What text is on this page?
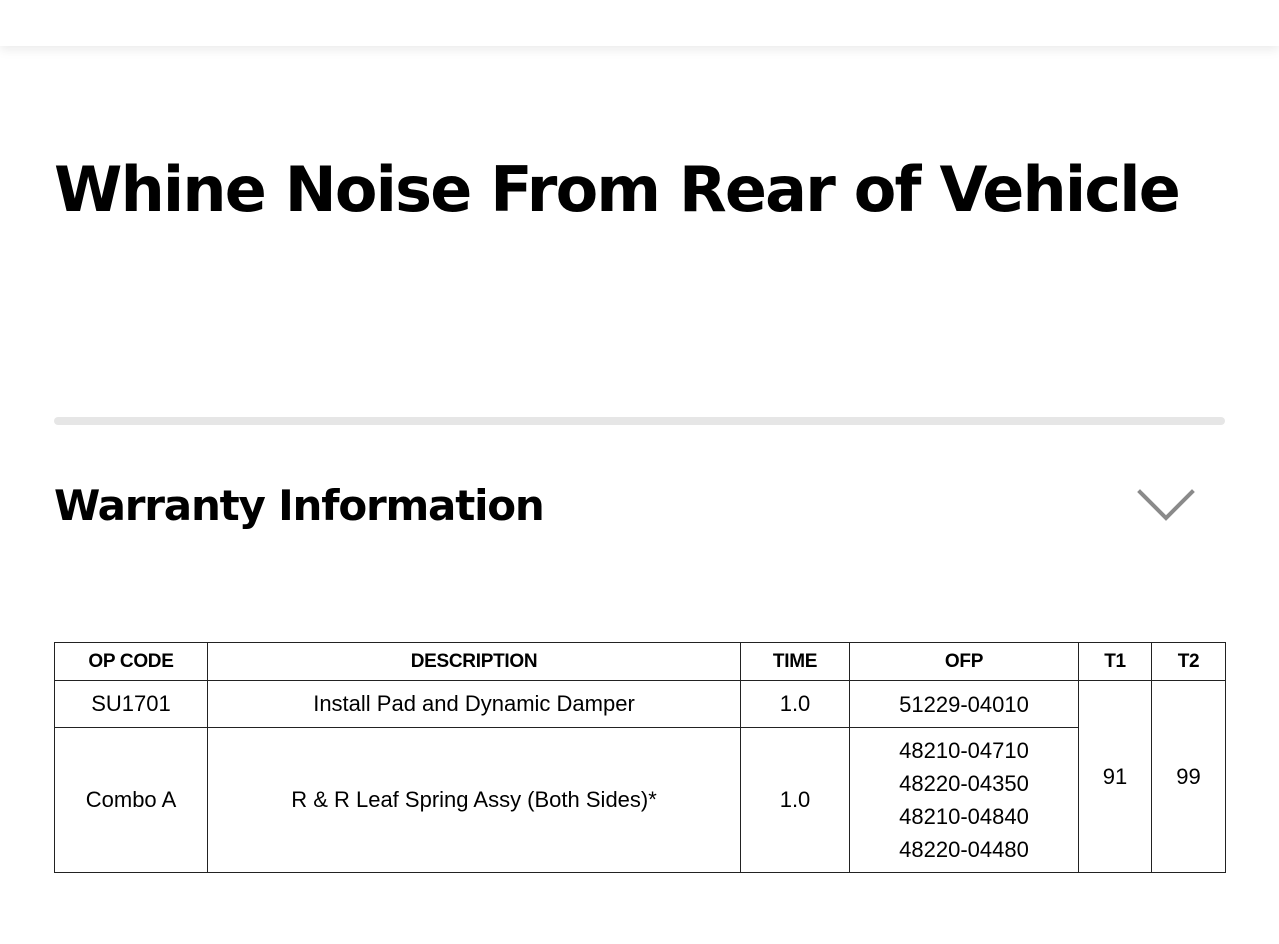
Whine Noise From Rear of Vehicle
Warranty Information
OP CODE	DESCRIPTION	TIME	OFP	T1	T2
SU1701	Install Pad and Dynamic Damper	1.0	51229-04010	91	99
Combo A	R & R Leaf Spring Assy (Both Sides)*	1.0	48210-04710
48220-04350
48210-04840
48220-04480		
